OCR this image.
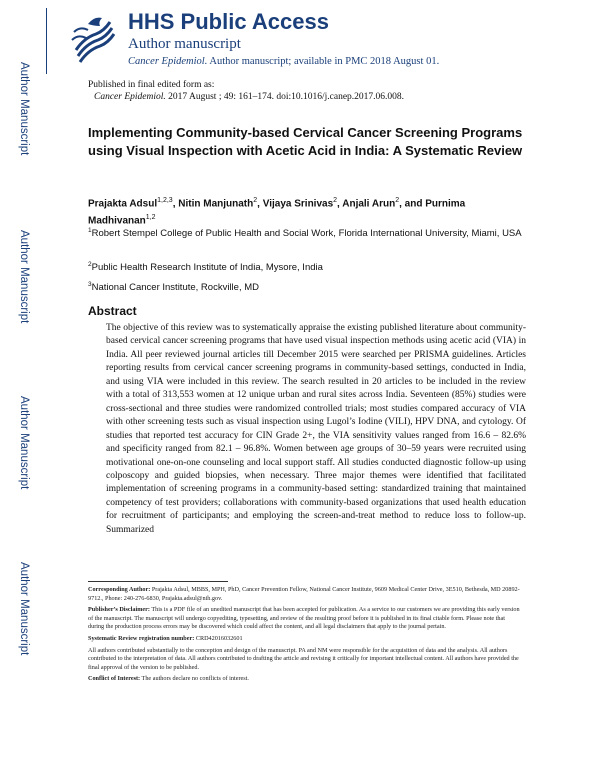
Author Manuscript
Author Manuscript
Author Manuscript
Author Manuscript
HHS Public Access
Author manuscript
Cancer Epidemiol. Author manuscript; available in PMC 2018 August 01.
Published in final edited form as:
Cancer Epidemiol. 2017 August ; 49: 161–174. doi:10.1016/j.canep.2017.06.008.
Implementing Community-based Cervical Cancer Screening Programs using Visual Inspection with Acetic Acid in India: A Systematic Review
Prajakta Adsul$^{1,2,3}$, Nitin Manjunath$^2$, Vijaya Srinivas$^2$, Anjali Arun$^2$, and Purnima Madhivanan$^{1,2}$
$^1$Robert Stempel College of Public Health and Social Work, Florida International University, Miami, USA
$^2$Public Health Research Institute of India, Mysore, India
$^3$National Cancer Institute, Rockville, MD
Abstract
The objective of this review was to systematically appraise the existing published literature about community-based cervical cancer screening programs that have used visual inspection methods using acetic acid (VIA) in India. All peer reviewed journal articles till December 2015 were searched per PRISMA guidelines. Articles reporting results from cervical cancer screening programs in community-based settings, conducted in India, and using VIA were included in this review. The search resulted in 20 articles to be included in the review with a total of 313,553 women at 12 unique urban and rural sites across India. Seventeen (85%) studies were cross-sectional and three studies were randomized controlled trials; most studies compared accuracy of VIA with other screening tests such as visual inspection using Lugol’s Iodine (VILI), HPV DNA, and cytology. Of studies that reported test accuracy for CIN Grade 2+, the VIA sensitivity values ranged from 16.6 – 82.6% and specificity ranged from 82.1 – 96.8%. Women between age groups of 30–59 years were recruited using motivational one-on-one counseling and local support staff. All studies conducted diagnostic follow-up using colposcopy and guided biopsies, when necessary. Three major themes were identified that facilitated implementation of screening programs in a community-based setting: standardized training that maintained competency of test providers; collaborations with community-based organizations that used health education for recruitment of participants; and employing the screen-and-treat method to reduce loss to follow-up. Summarized

Corresponding Author: Prajakta Adsul, MBBS, MPH, PhD, Cancer Prevention Fellow, National Cancer Institute, 9609 Medical Center Drive, 3E510, Bethesda, MD 20892-9712., Phone: 240-276-6830, Prajakta.adsul@nih.gov.

Publisher’s Disclaimer: This is a PDF file of an unedited manuscript that has been accepted for publication. As a service to our customers we are providing this early version of the manuscript. The manuscript will undergo copyediting, typesetting, and review of the resulting proof before it is published in its final citable form. Please note that during the production process errors may be discovered which could affect the content, and all legal disclaimers that apply to the journal pertain.

Systematic Review registration number: CRD42016032601

All authors contributed substantially to the conception and design of the manuscript. PA and NM were responsible for the acquisition of data and the analysis. All authors contributed to the interpretation of data. All authors contributed to drafting the article and revising it critically for important intellectual content. All authors have provided the final approval of the version to be published.

Conflict of Interest: The authors declare no conflicts of interest.
